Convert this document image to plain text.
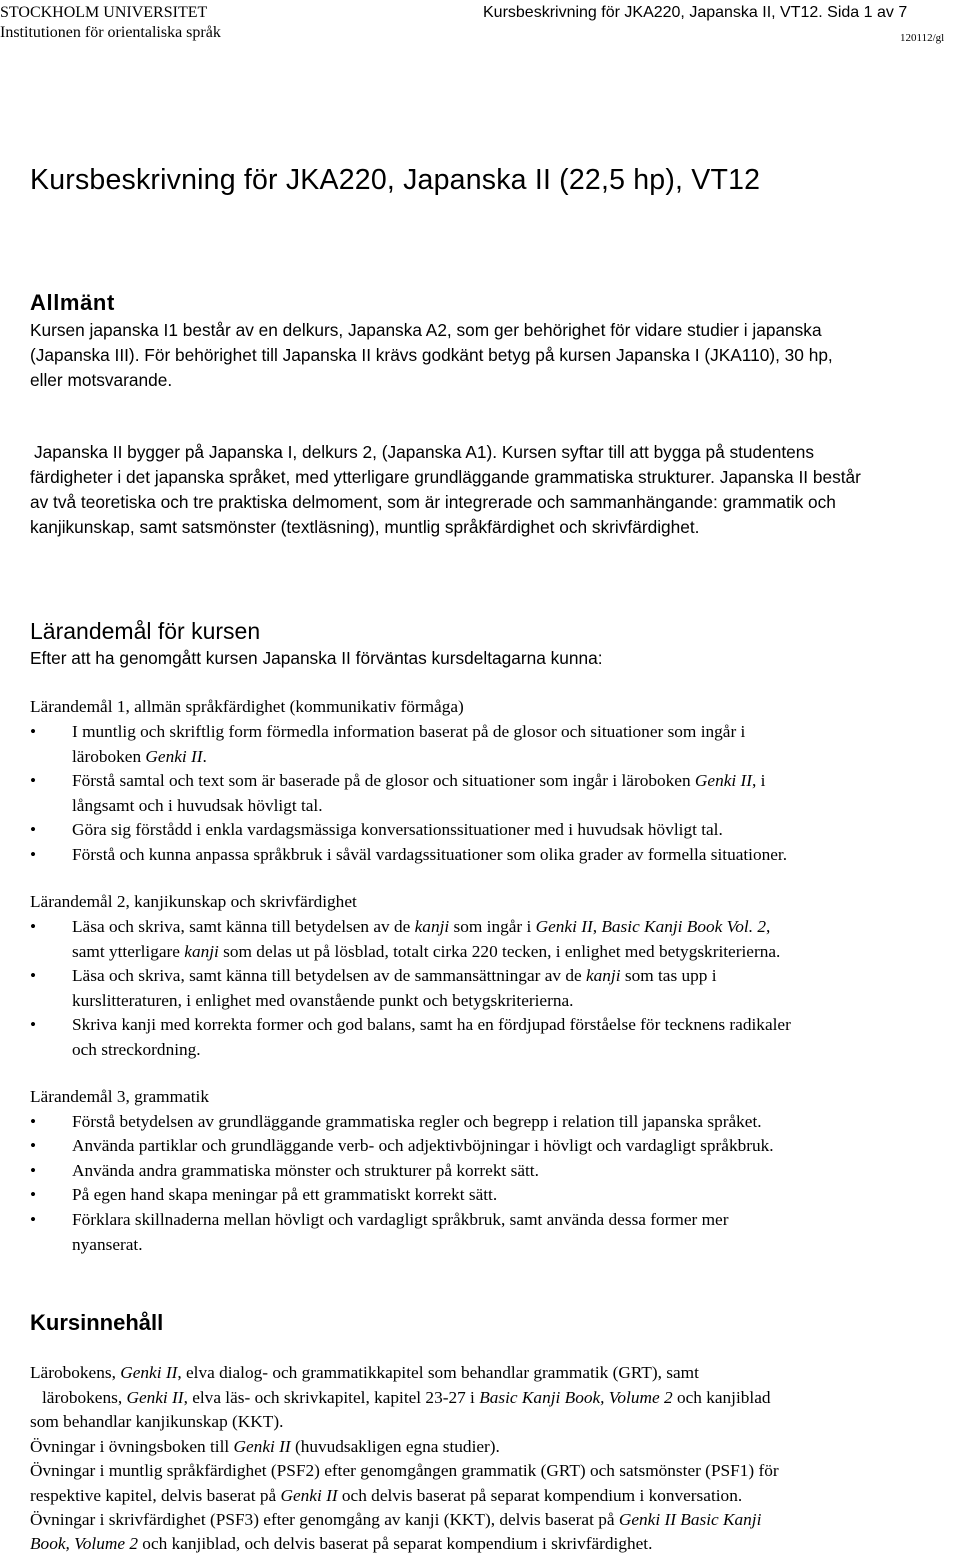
STOCKHOLM UNIVERSITET
Institutionen för orientaliska språk
Kursbeskrivning för JKA220, Japanska II, VT12. Sida 1 av 7
120112/gl
Kursbeskrivning för JKA220, Japanska II (22,5 hp), VT12
Allmänt
Kursen japanska I1 består av en delkurs, Japanska A2, som ger behörighet för vidare studier i japanska
(Japanska III). För behörighet till Japanska II krävs godkänt betyg på kursen Japanska I (JKA110), 30 hp,
eller motsvarande.
Japanska II bygger på Japanska I, delkurs 2, (Japanska A1). Kursen syftar till att bygga på studentens
färdigheter i det japanska språket, med ytterligare grundläggande grammatiska strukturer. Japanska II består
av två teoretiska och tre praktiska delmoment, som är integrerade och sammanhängande: grammatik och
kanjikunskap, samt satsmönster (textläsning), muntlig språkfärdighet och skrivfärdighet.
Lärandemål för kursen
Efter att ha genomgått kursen Japanska II förväntas kursdeltagarna kunna:
Lärandemål 1, allmän språkfärdighet (kommunikativ förmåga)
• I muntlig och skriftlig form förmedla information baserat på de glosor och situationer som ingår i
läroboken Genki II.
• Förstå samtal och text som är baserade på de glosor och situationer som ingår i läroboken Genki II, i
långsamt och i huvudsak hövligt tal.
• Göra sig förstådd i enkla vardagsmässiga konversationssituationer med i huvudsak hövligt tal.
• Förstå och kunna anpassa språkbruk i såväl vardagssituationer som olika grader av formella situationer.
Lärandemål 2, kanjikunskap och skrivfärdighet
• Läsa och skriva, samt känna till betydelsen av de kanji som ingår i Genki II, Basic Kanji Book Vol. 2,
samt ytterligare kanji som delas ut på lösblad, totalt cirka 220 tecken, i enlighet med betygskriterierna.
• Läsa och skriva, samt känna till betydelsen av de sammansättningar av de kanji som tas upp i
kurslitteraturen, i enlighet med ovanstående punkt och betygskriterierna.
• Skriva kanji med korrekta former och god balans, samt ha en fördjupad förståelse för tecknens radikaler
och streckordning.
Lärandemål 3, grammatik
• Förstå betydelsen av grundläggande grammatiska regler och begrepp i relation till japanska språket.
• Använda partiklar och grundläggande verb- och adjektivböjningar i hövligt och vardagligt språkbruk.
• Använda andra grammatiska mönster och strukturer på korrekt sätt.
• På egen hand skapa meningar på ett grammatiskt korrekt sätt.
• Förklara skillnaderna mellan hövligt och vardagligt språkbruk, samt använda dessa former mer
nyanserat.
Kursinnehåll
Lärobokens, Genki II, elva dialog- och grammatikkapitel som behandlar grammatik (GRT), samt
lärobokens, Genki II, elva läs- och skrivkapitel, kapitel 23-27 i Basic Kanji Book, Volume 2 och kanjiblad
som behandlar kanjikunskap (KKT).
Övningar i övningsboken till Genki II (huvudsakligen egna studier).
Övningar i muntlig språkfärdighet (PSF2) efter genomgången grammatik (GRT) och satsmönster (PSF1) för
respektive kapitel, delvis baserat på Genki II och delvis baserat på separat kompendium i konversation.
Övningar i skrivfärdighet (PSF3) efter genomgång av kanji (KKT), delvis baserat på Genki II Basic Kanji
Book, Volume 2 och kanjiblad, och delvis baserat på separat kompendium i skrivfärdighet.
